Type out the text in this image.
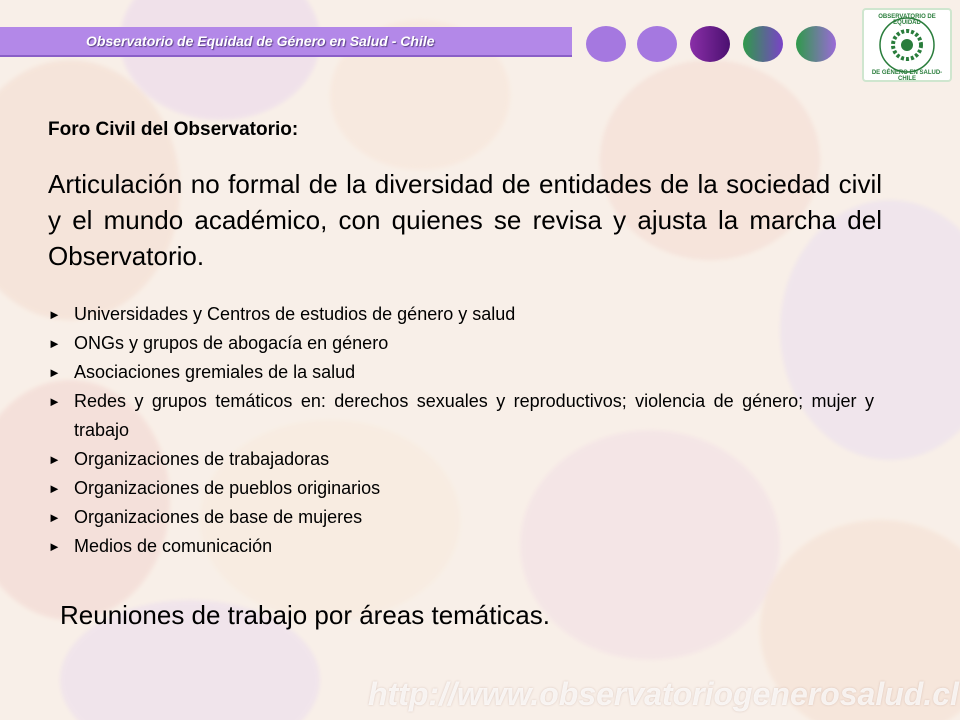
Observatorio de Equidad de Género en Salud - Chile
OBSERVATORIO DE EQUIDAD
DE GÉNERO EN SALUD-CHILE
Foro Civil del Observatorio:
Articulación no formal de la diversidad de entidades de la sociedad civil y el mundo académico, con quienes se revisa y ajusta la marcha del Observatorio.
► Universidades y Centros de estudios de género y salud
► ONGs y grupos de abogacía en género
► Asociaciones gremiales de la salud
► Redes y grupos temáticos en: derechos sexuales y reproductivos; violencia de género; mujer y trabajo
► Organizaciones de trabajadoras
► Organizaciones de pueblos originarios
► Organizaciones de base de mujeres
► Medios de comunicación
Reuniones de trabajo por áreas temáticas.
http://www.observatoriogenerosalud.cl
